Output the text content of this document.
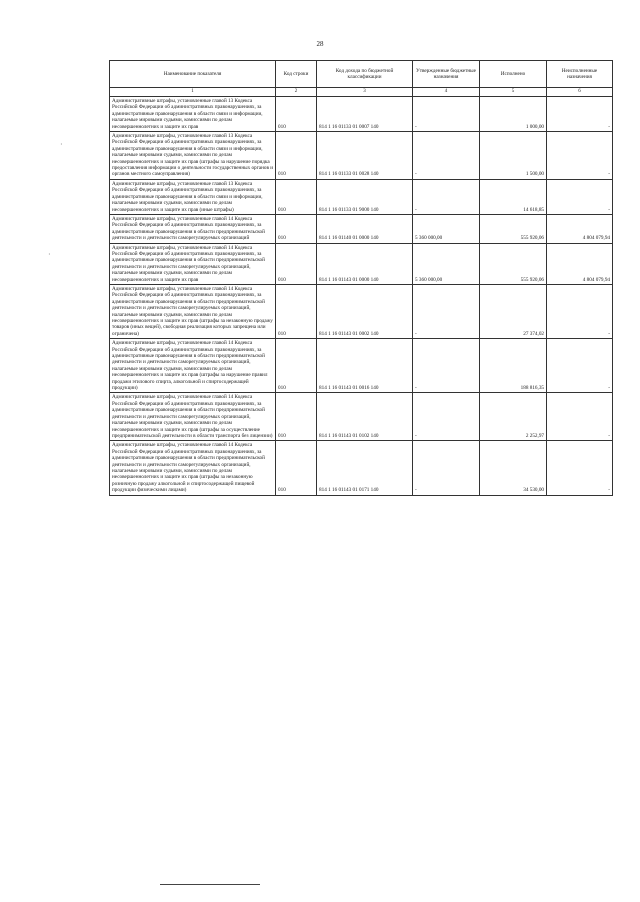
28
·
·
Наименование показателя	Код строки	Код дохода по бюджетной классификации	Утвержденные бюджетные назначения	Исполнено	Неисполненные назначения
1	2	3	4	5	6
Административные штрафы, установленные главой 13 Кодекса Российской Федерации об административных правонарушениях, за административные правонарушения в области связи и информации, налагаемые мировыми судьями, комиссиями по делам несовершеннолетних и защите их прав	010	814 1 16 01133 01 0007 140	-	1 000,00	-
Административные штрафы, установленные главой 13 Кодекса Российской Федерации об административных правонарушениях, за административные правонарушения в области связи и информации, налагаемые мировыми судьями, комиссиями по делам несовершеннолетних и защите их прав (штрафы за нарушение порядка предоставления информации о деятельности государственных органов и органов местного самоуправления)	010	814 1 16 01133 01 0028 140	-	1 500,00	-
Административные штрафы, установленные главой 13 Кодекса Российской Федерации об административных правонарушениях, за административные правонарушения в области связи и информации, налагаемые мировыми судьями, комиссиями по делам несовершеннолетних и защите их прав (иные штрафы)	010	814 1 16 01133 01 9000 140	-	14 618,85	-
Административные штрафы, установленные главой 14 Кодекса Российской Федерации об административных правонарушениях, за административные правонарушения в области предпринимательской деятельности и деятельности саморегулируемых организаций	010	814 1 16 01140 01 0000 140	5 360 000,00	555 920,06	4 804 079,94
Административные штрафы, установленные главой 14 Кодекса Российской Федерации об административных правонарушениях, за административные правонарушения в области предпринимательской деятельности и деятельности саморегулируемых организаций, налагаемые мировыми судьями, комиссиями по делам несовершеннолетних и защите их прав	010	814 1 16 01143 01 0000 140	5 360 000,00	555 920,06	4 804 079,94
Административные штрафы, установленные главой 14 Кодекса Российской Федерации об административных правонарушениях, за административные правонарушения в области предпринимательской деятельности и деятельности саморегулируемых организаций, налагаемые мировыми судьями, комиссиями по делам несовершеннолетних и защите их прав (штрафы за незаконную продажу товаров (иных вещей), свободная реализация которых запрещена или ограничена)	010	814 1 16 01143 01 0002 140	-	27 374,02	-
Административные штрафы, установленные главой 14 Кодекса Российской Федерации об административных правонарушениях, за административные правонарушения в области предпринимательской деятельности и деятельности саморегулируемых организаций, налагаемые мировыми судьями, комиссиями по делам несовершеннолетних и защите их прав (штрафы за нарушение правил продажи этилового спирта, алкогольной и спиртосодержащей продукции)	010	814 1 16 01143 01 0016 140	-	188 816,35	-
Административные штрафы, установленные главой 14 Кодекса Российской Федерации об административных правонарушениях, за административные правонарушения в области предпринимательской деятельности и деятельности саморегулируемых организаций, налагаемые мировыми судьями, комиссиями по делам несовершеннолетних и защите их прав (штрафы за осуществление предпринимательской деятельности в области транспорта без лицензии)	010	814 1 16 01143 01 0102 140	-	2 252,97	-
Административные штрафы, установленные главой 14 Кодекса Российской Федерации об административных правонарушениях, за административные правонарушения в области предпринимательской деятельности и деятельности саморегулируемых организаций, налагаемые мировыми судьями, комиссиями по делам несовершеннолетних и защите их прав (штрафы за незаконную розничную продажу алкогольной и спиртосодержащей пищевой продукции физическими лицами)	010	814 1 16 01143 01 0171 140	-	34 530,00	-
